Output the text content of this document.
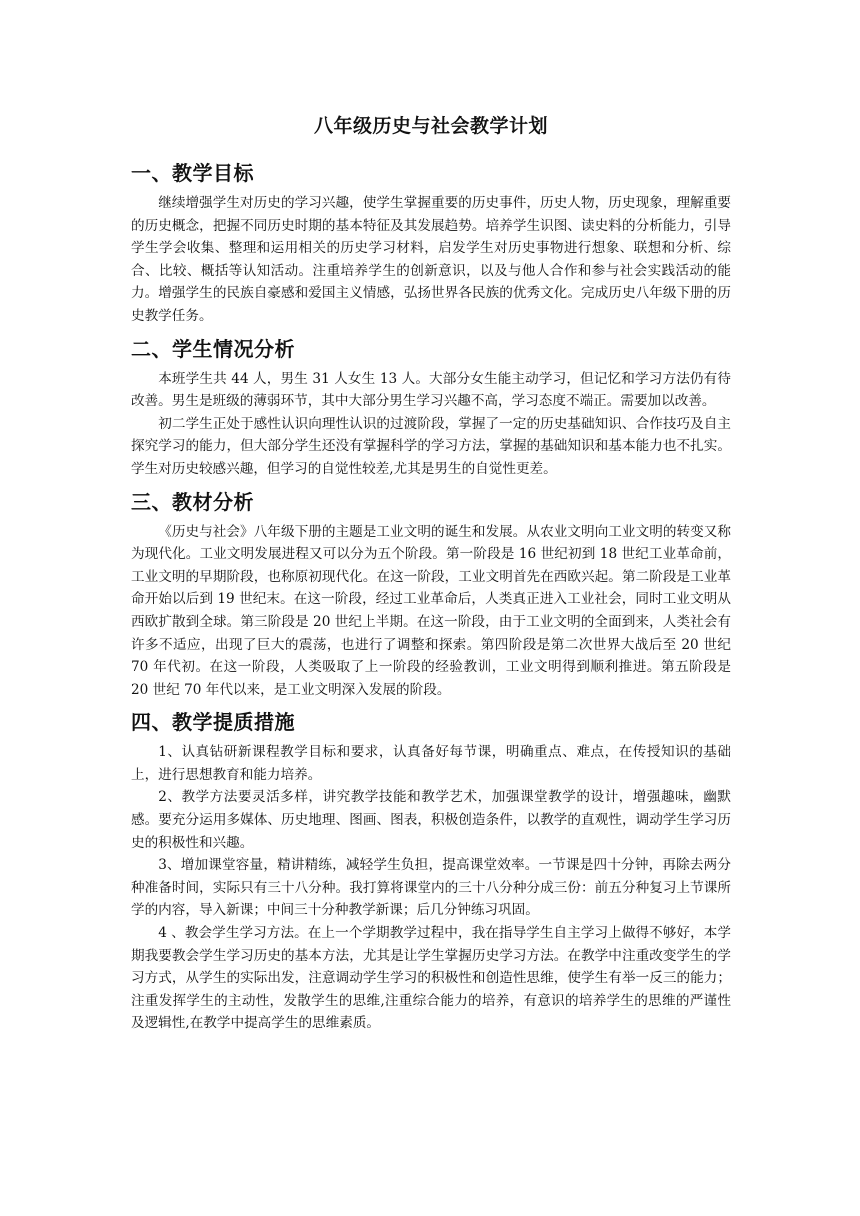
八年级历史与社会教学计划
一、教学目标

继续增强学生对历史的学习兴趣，使学生掌握重要的历史事件，历史人物，历史现象，理解重要的历史概念，把握不同历史时期的基本特征及其发展趋势。培养学生识图、读史料的分析能力，引导学生学会收集、整理和运用相关的历史学习材料，启发学生对历史事物进行想象、联想和分析、综合、比较、概括等认知活动。注重培养学生的创新意识，以及与他人合作和参与社会实践活动的能力。增强学生的民族自豪感和爱国主义情感，弘扬世界各民族的优秀文化。完成历史八年级下册的历史教学任务。

二、学生情况分析

本班学生共 44 人，男生 31 人女生 13 人。大部分女生能主动学习，但记忆和学习方法仍有待改善。男生是班级的薄弱环节，其中大部分男生学习兴趣不高，学习态度不端正。需要加以改善。

初二学生正处于感性认识向理性认识的过渡阶段，掌握了一定的历史基础知识、合作技巧及自主探究学习的能力，但大部分学生还没有掌握科学的学习方法，掌握的基础知识和基本能力也不扎实。学生对历史较感兴趣，但学习的自觉性较差,尤其是男生的自觉性更差。

三、教材分析

《历史与社会》八年级下册的主题是工业文明的诞生和发展。从农业文明向工业文明的转变又称为现代化。工业文明发展进程又可以分为五个阶段。第一阶段是 16 世纪初到 18 世纪工业革命前，工业文明的早期阶段，也称原初现代化。在这一阶段，工业文明首先在西欧兴起。第二阶段是工业革命开始以后到 19 世纪末。在这一阶段，经过工业革命后，人类真正进入工业社会，同时工业文明从西欧扩散到全球。第三阶段是 20 世纪上半期。在这一阶段，由于工业文明的全面到来，人类社会有许多不适应，出现了巨大的震荡，也进行了调整和探索。第四阶段是第二次世界大战后至 20 世纪 70 年代初。在这一阶段，人类吸取了上一阶段的经验教训，工业文明得到顺利推进。第五阶段是 20 世纪 70 年代以来，是工业文明深入发展的阶段。

四、教学提质措施

1、认真钻研新课程教学目标和要求，认真备好每节课，明确重点、难点，在传授知识的基础上，进行思想教育和能力培养。

2、教学方法要灵活多样，讲究教学技能和教学艺术，加强课堂教学的设计，增强趣味，幽默感。要充分运用多媒体、历史地理、图画、图表，积极创造条件，以教学的直观性，调动学生学习历史的积极性和兴趣。

3、增加课堂容量，精讲精练，减轻学生负担，提高课堂效率。一节课是四十分钟，再除去两分种准备时间，实际只有三十八分种。我打算将课堂内的三十八分种分成三份：前五分种复习上节课所学的内容，导入新课；中间三十分种教学新课；后几分钟练习巩固。

4 、教会学生学习方法。在上一个学期教学过程中，我在指导学生自主学习上做得不够好，本学期我要教会学生学习历史的基本方法，尤其是让学生掌握历史学习方法。在教学中注重改变学生的学习方式，从学生的实际出发，注意调动学生学习的积极性和创造性思维，使学生有举一反三的能力；注重发挥学生的主动性，发散学生的思维,注重综合能力的培养，有意识的培养学生的思维的严谨性及逻辑性,在教学中提高学生的思维素质。
